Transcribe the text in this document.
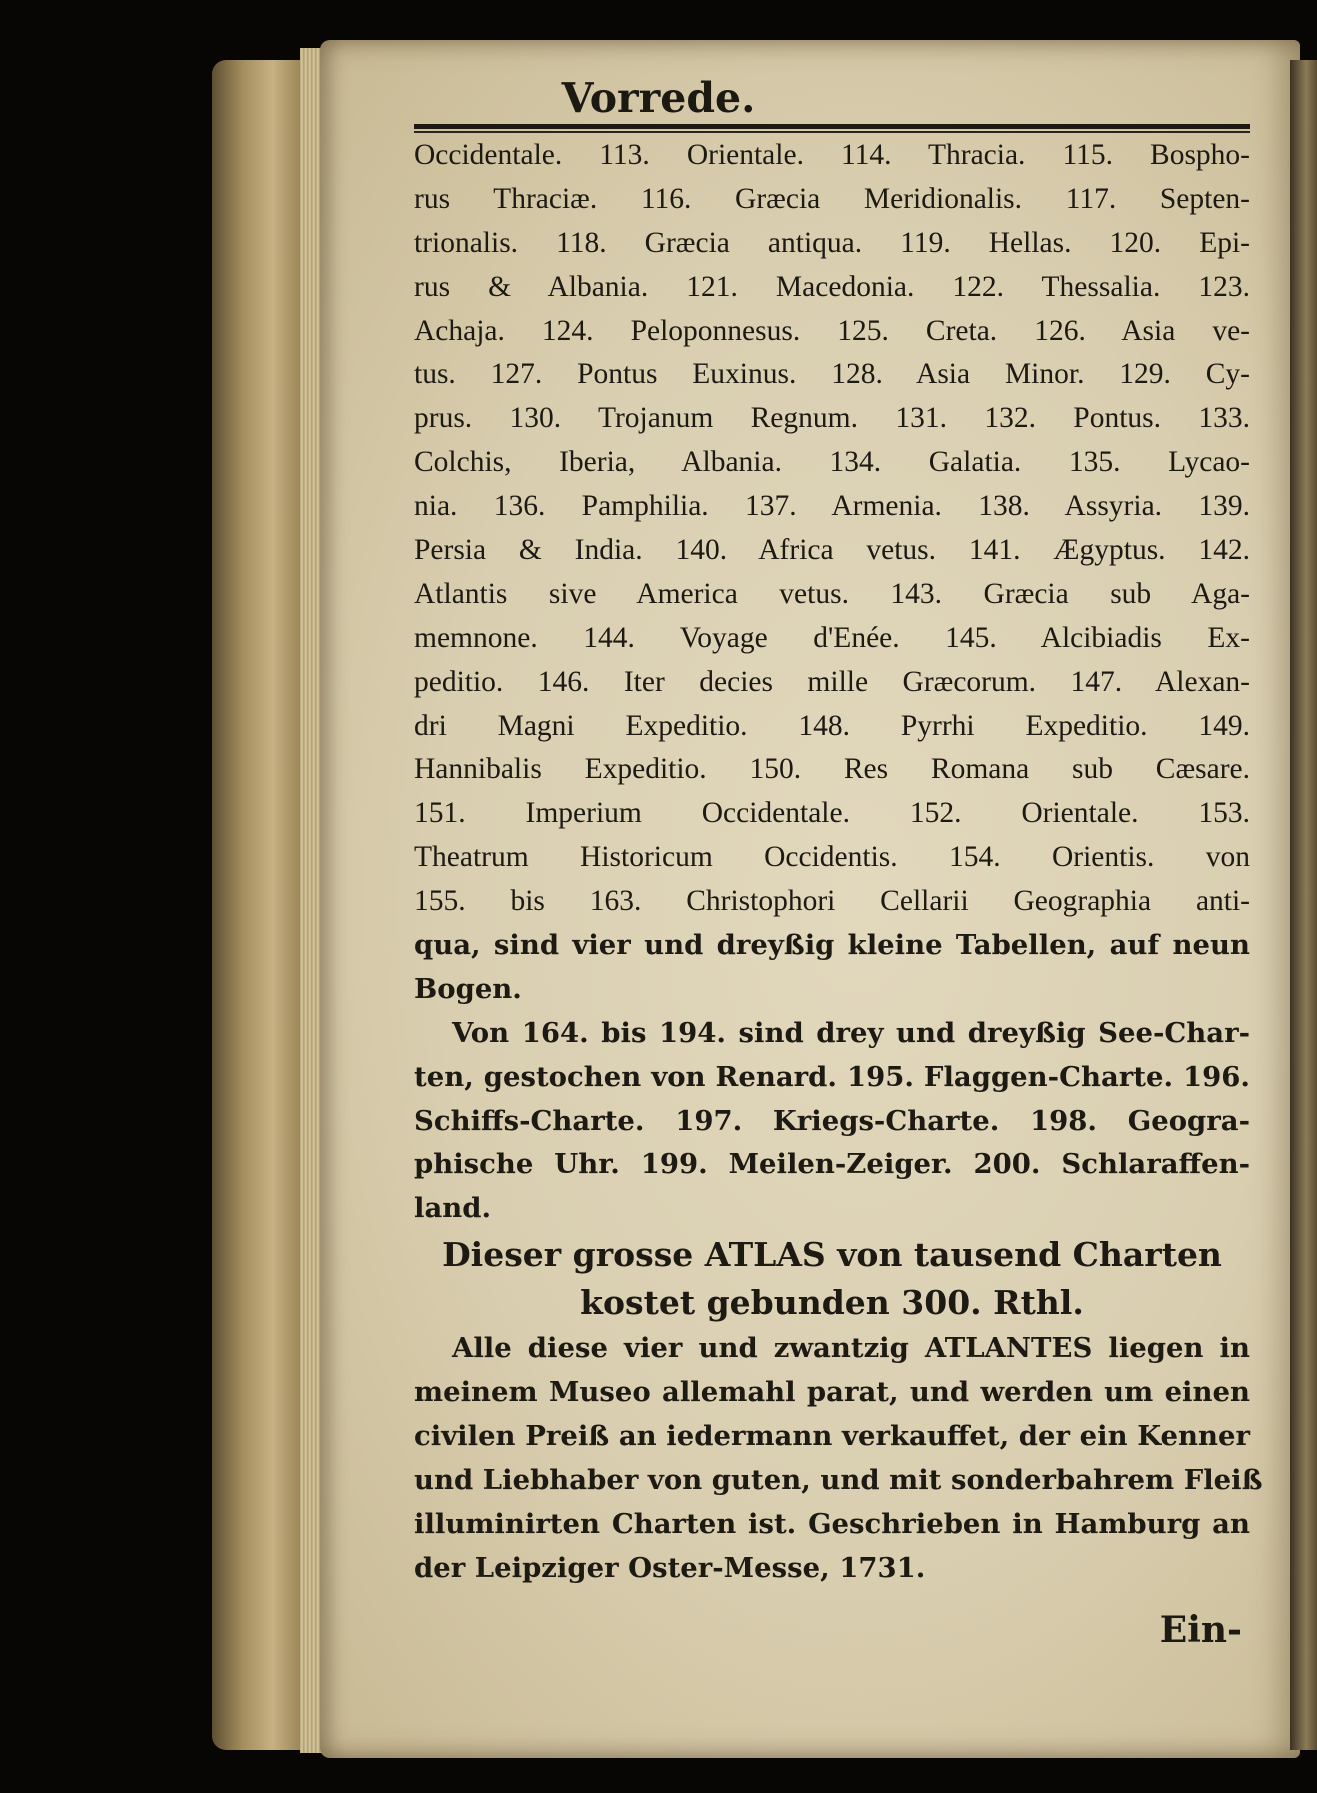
Vorrede.
Occidentale. 113. Orientale. 114. Thracia. 115. Bosphо-
rus Thraciæ. 116. Græcia Meridionalis. 117. Septen-
trionalis. 118. Græcia antiqua. 119. Hellas. 120. Epi-
rus & Albania. 121. Macedonia. 122. Thessalia. 123.
Achaja. 124. Peloponnesus. 125. Creta. 126. Asia ve-
tus. 127. Pontus Euxinus. 128. Asia Minor. 129. Cy-
prus. 130. Trojanum Regnum. 131. 132. Pontus. 133.
Colchis, Iberia, Albania. 134. Galatia. 135. Lycao-
nia. 136. Pamphilia. 137. Armenia. 138. Assyria. 139.
Persia & India. 140. Africa vetus. 141. Ægyptus. 142.
Atlantis sive America vetus. 143. Græcia sub Aga-
memnone. 144. Voyage d'Enée. 145. Alcibiadis Ex-
peditio. 146. Iter decies mille Græcorum. 147. Alexan-
dri Magni Expeditio. 148. Pyrrhi Expeditio. 149.
Hannibalis Expeditio. 150. Res Romana sub Cæsare.
151. Imperium Occidentale. 152. Orientale. 153.
Theatrum Historicum Occidentis. 154. Orientis. von
155. bis 163. Christophori Cellarii Geographia anti-
qua, sind vier und dreyßig kleine Tabellen, auf neun
Bogen.
Von 164. bis 194. sind drey und dreyßig See-Char-
ten, gestochen von Renard. 195. Flaggen-Charte. 196.
Schiffs-Charte. 197. Kriegs-Charte. 198. Geogra-
phische Uhr. 199. Meilen-Zeiger. 200. Schlaraffen-
land.
Dieser grosse ATLAS von tausend Charten
kostet gebunden 300. Rthl.
Alle diese vier und zwantzig ATLANTES liegen in
meinem Museo allemahl parat, und werden um einen
civilen Preiß an iedermann verkauffet, der ein Kenner
und Liebhaber von guten, und mit sonderbahrem Fleiß
illuminirten Charten ist. Geschrieben in Hamburg an
der Leipziger Oster-Messe, 1731.
Ein-
